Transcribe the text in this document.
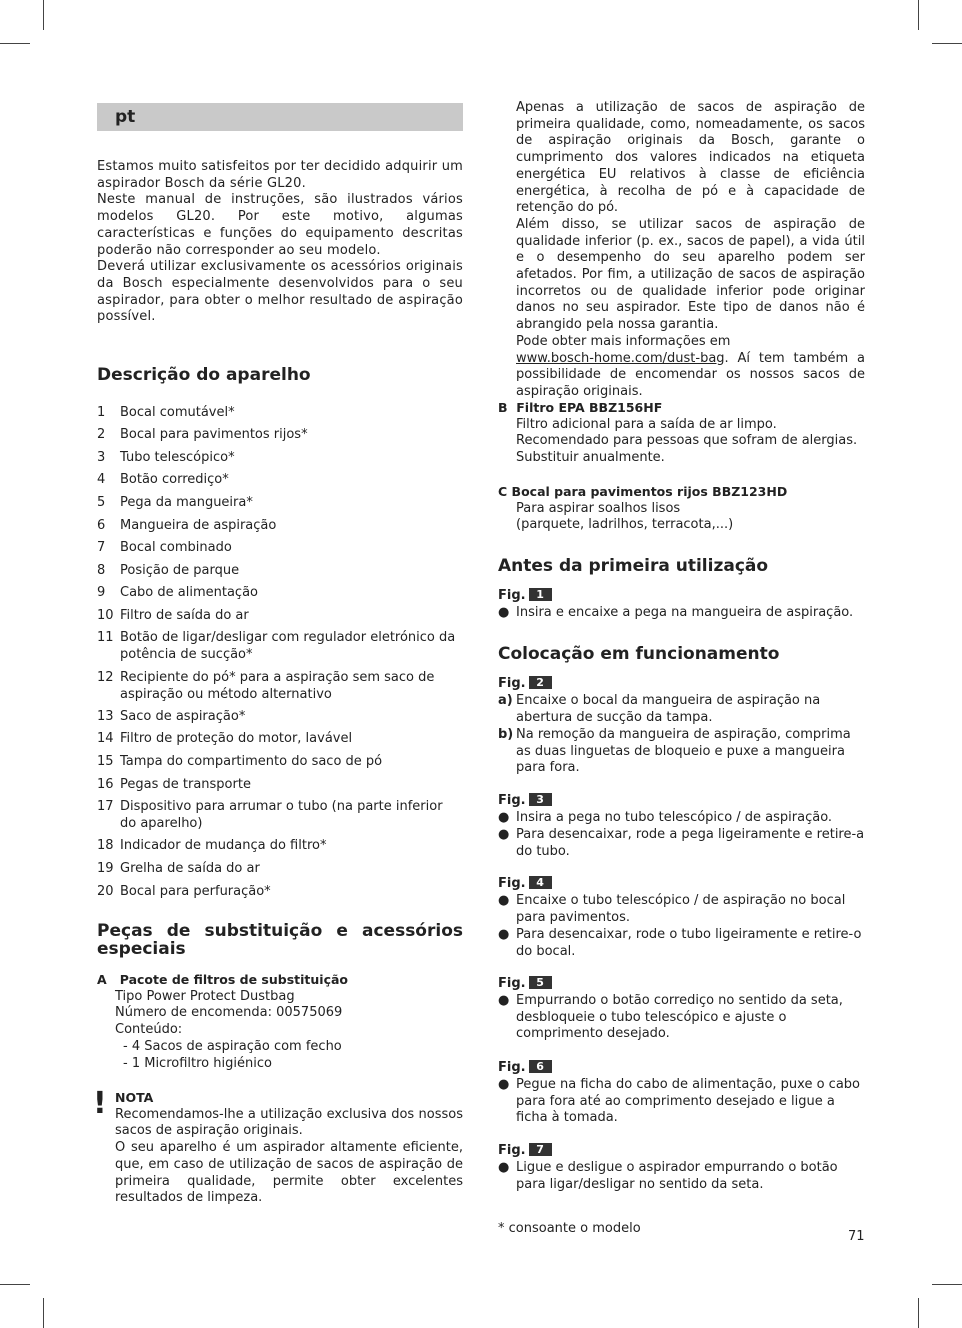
pt
Estamos muito satisfeitos por ter decidido adquirir um aspirador Bosch da série GL20.
Neste manual de instruções, são ilustrados vários modelos GL20. Por este motivo, algumas características e funções do equipamento descritas poderão não corresponder ao seu modelo.
Deverá utilizar exclusivamente os acessórios originais da Bosch especialmente desenvolvidos para o seu aspirador, para obter o melhor resultado de aspiração possível.
Descrição do aparelho
1	Bocal comutável*
2	Bocal para pavimentos rijos*
3	Tubo telescópico*
4	Botão corrediço*
5	Pega da mangueira*
6	Mangueira de aspiração
7	Bocal combinado
8	Posição de parque
9	Cabo de alimentação
10 Filtro de saída do ar
11 Botão de ligar/desligar com regulador eletrónico da potência de sucção*
12 Recipiente do pó* para a aspiração sem saco de aspiração ou método alternativo
13 Saco de aspiração*
14 Filtro de proteção do motor, lavável
15 Tampa do compartimento do saco de pó
16 Pegas de transporte
17 Dispositivo para arrumar o tubo (na parte inferior do aparelho)
18 Indicador de mudança do filtro*
19 Grelha de saída do ar
20 Bocal para perfuração*
Peças de substituição e acessórios especiais
A Pacote de filtros de substituição
Tipo Power Protect Dustbag
Número de encomenda: 00575069
Conteúdo:
- 4 Sacos de aspiração com fecho
- 1 Microfiltro higiénico
! NOTA
Recomendamos-lhe a utilização exclusiva dos nossos sacos de aspiração originais.
O seu aparelho é um aspirador altamente eficiente, que, em caso de utilização de sacos de aspiração de primeira qualidade, permite obter excelentes resultados de limpeza.
Apenas a utilização de sacos de aspiração de primeira qualidade, como, nomeadamente, os sacos de aspiração originais da Bosch, garante o cumprimento dos valores indicados na etiqueta energética EU relativos à classe de eficiência energética, à recolha de pó e à capacidade de retenção do pó.
Além disso, se utilizar sacos de aspiração de qualidade inferior (p. ex., sacos de papel), a vida útil e o desempenho do seu aparelho podem ser afetados. Por fim, a utilização de sacos de aspiração incorretos ou de qualidade inferior pode originar danos no seu aspirador. Este tipo de danos não é abrangido pela nossa garantia.
Pode obter mais informações em
www.bosch-home.com/dust-bag. Aí tem também a possibilidade de encomendar os nossos sacos de aspiração originais.
B Filtro EPA BBZ156HF
Filtro adicional para a saída de ar limpo. Recomendado para pessoas que sofram de alergias. Substituir anualmente.
C Bocal para pavimentos rijos BBZ123HD
Para aspirar soalhos lisos
(parquete, ladrilhos, terracota,...)
Antes da primeira utilização
Fig. 1
● Insira e encaixe a pega na mangueira de aspiração.
Colocação em funcionamento
Fig. 2
a) Encaixe o bocal da mangueira de aspiração na abertura de sucção da tampa.
b) Na remoção da mangueira de aspiração, comprima as duas linguetas de bloqueio e puxe a mangueira para fora.
Fig. 3
● Insira a pega no tubo telescópico / de aspiração.
● Para desencaixar, rode a pega ligeiramente e retire-a do tubo.
Fig. 4
● Encaixe o tubo telescópico / de aspiração no bocal para pavimentos.
● Para desencaixar, rode o tubo ligeiramente e retire-o do bocal.
Fig. 5
● Empurrando o botão corrediço no sentido da seta, desbloqueie o tubo telescópico e ajuste o comprimento desejado.
Fig. 6
● Pegue na ficha do cabo de alimentação, puxe o cabo para fora até ao comprimento desejado e ligue a ficha à tomada.
Fig. 7
● Ligue e desligue o aspirador empurrando o botão para ligar/desligar no sentido da seta.
* consoante o modelo
71
